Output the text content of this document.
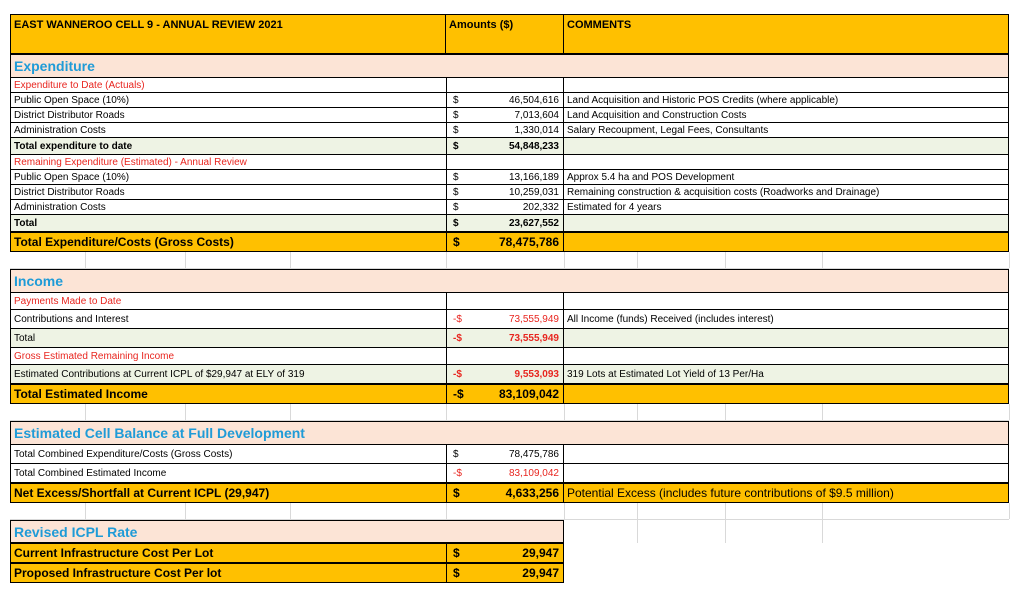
EAST WANNEROO CELL 9 - ANNUAL REVIEW 2021	Amounts ($)	COMMENTS
Expenditure
Expenditure to Date (Actuals)
Public Open Space (10%)	$	46,504,616 Land Acquisition and Historic POS Credits (where applicable)
District Distributor Roads	$	7,013,604 Land Acquisition and Construction Costs
Administration Costs	$	1,330,014 Salary Recoupment, Legal Fees, Consultants
Total expenditure to date	$	54,848,233
Remaining Expenditure (Estimated) - Annual Review
Public Open Space (10%)	$	13,166,189 Approx 5.4 ha and POS Development
District Distributor Roads	$	10,259,031 Remaining construction & acquisition costs (Roadworks and Drainage)
Administration Costs	$	202,332 Estimated for 4 years
Total	$	23,627,552
Total Expenditure/Costs (Gross Costs)	$	78,475,786
Income
Payments Made to Date
Contributions and Interest	-$	73,555,949 All Income (funds) Received (includes interest)
Total	-$	73,555,949
Gross Estimated Remaining Income
Estimated Contributions at Current ICPL of $29,947 at ELY of 319	-$	9,553,093 319 Lots at Estimated Lot Yield of 13 Per/Ha
Total Estimated Income	-$	83,109,042
Estimated Cell Balance at Full Development
Total Combined Expenditure/Costs (Gross Costs)	$	78,475,786
Total Combined Estimated Income	-$	83,109,042
Net Excess/Shortfall at Current ICPL (29,947)	$	4,633,256 Potential Excess (includes future contributions of $9.5 million)
Revised ICPL Rate
Current Infrastructure Cost Per Lot	$	29,947
Proposed Infrastructure Cost Per lot	$	29,947
